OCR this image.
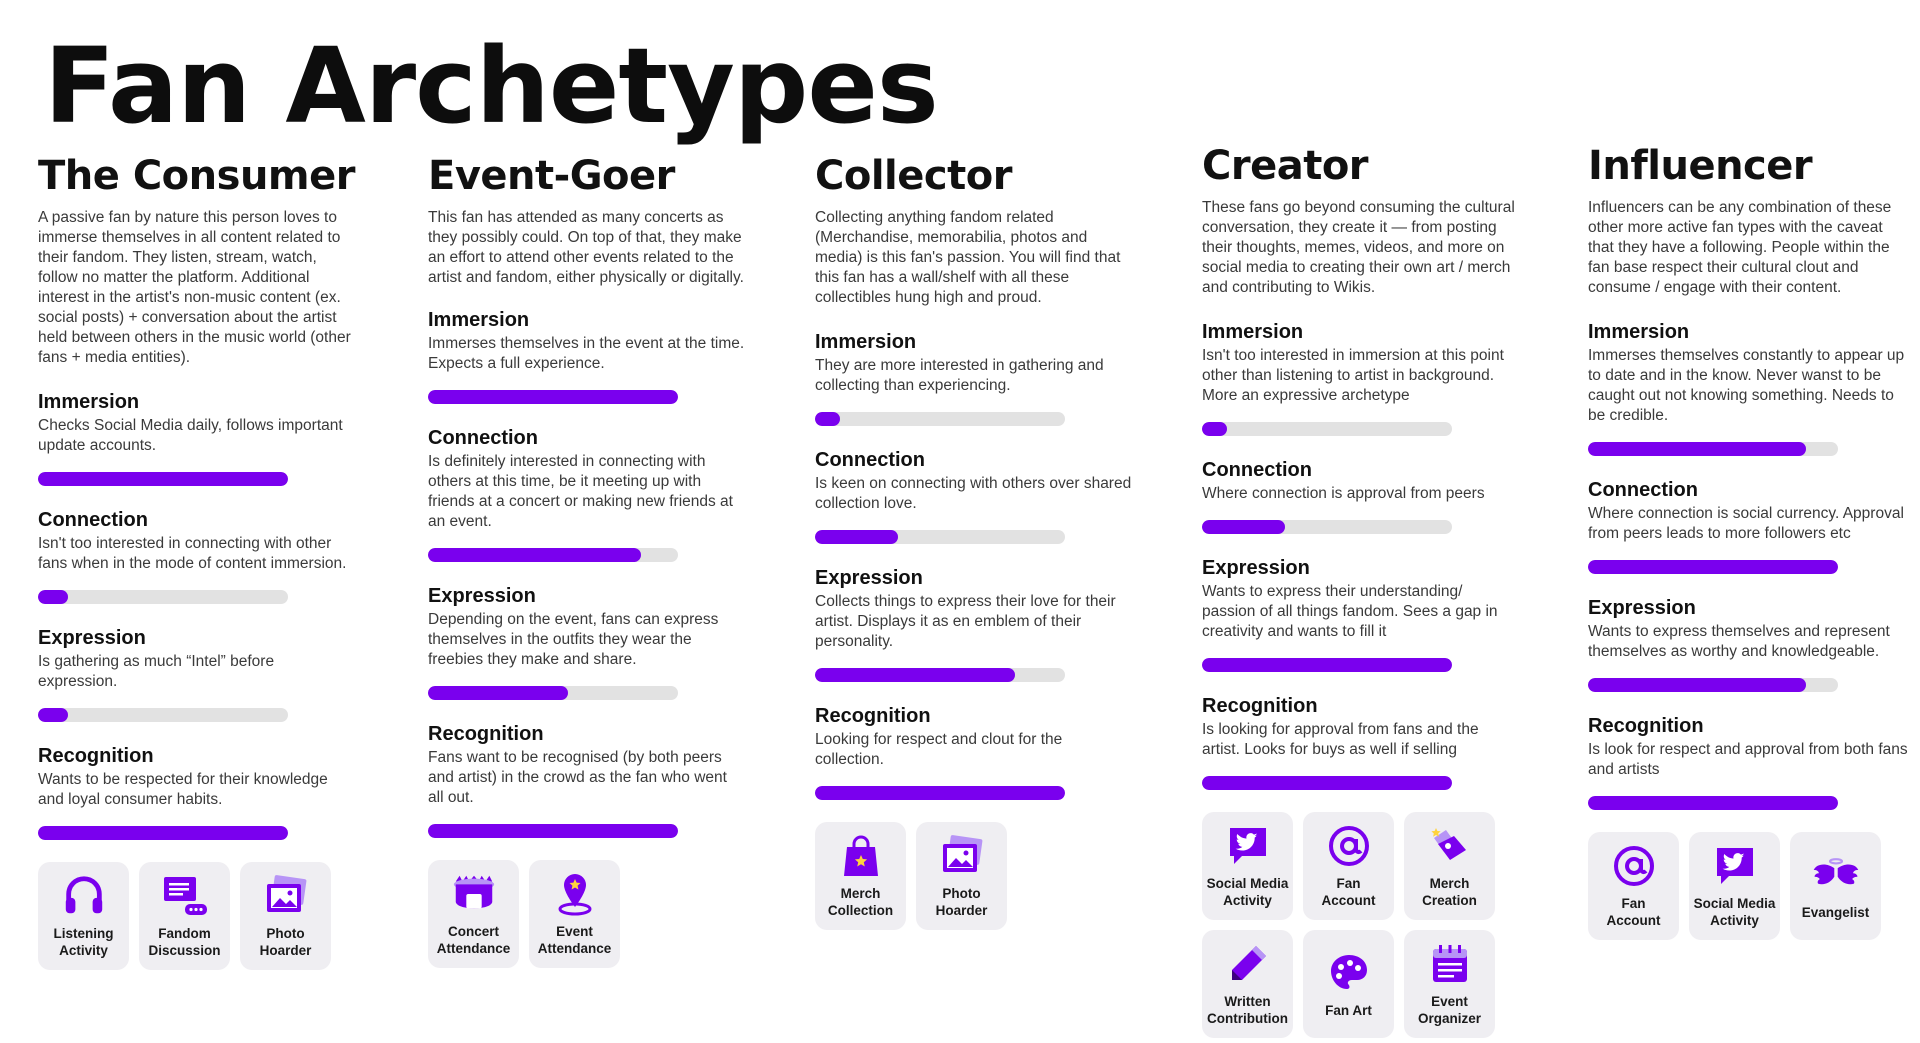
Fan Archetypes
The Consumer
A passive fan by nature this person loves to immerse themselves in all content related to their fandom. They listen, stream, watch, follow no matter the platform. Additional interest in the artist's non-music content (ex. social posts) + conversation about the artist held between others in the music world (other fans + media entities).
Immersion

Checks Social Media daily, follows important update accounts.

Connection

Isn't too interested in connecting with other fans when in the mode of content immersion.

Expression

Is gathering as much “Intel” before expression.

Recognition

Wants to be respected for their knowledge and loyal consumer habits.

Listening
Activity
Fandom
Discussion
Photo
Hoarder
Event-Goer
This fan has attended as many concerts as they possibly could. On top of that, they make an effort to attend other events related to the artist and fandom, either physically or digitally.
Immersion

Immerses themselves in the event at the time. Expects a full experience.

Connection

Is definitely interested in connecting with others at this time, be it meeting up with friends at a concert or making new friends at an event.

Expression

Depending on the event, fans can express themselves in the outfits they wear the freebies they make and share.

Recognition

Fans want to be recognised (by both peers and artist) in the crowd as the fan who went all out.

Concert
Attendance
Event
Attendance
Collector
Collecting anything fandom related (Merchandise, memorabilia, photos and media) is this fan's passion. You will find that this fan has a wall/shelf with all these collectibles hung high and proud.
Immersion

They are more interested in gathering and collecting than experiencing.

Connection

Is keen on connecting with others over shared collection love.

Expression

Collects things to express their love for their artist. Displays it as en emblem of their personality.

Recognition

Looking for respect and clout for the collection.

Merch
Collection
Photo
Hoarder
Creator
These fans go beyond consuming the cultural conversation, they create it — from posting their thoughts, memes, videos, and more on social media to creating their own art / merch and contributing to Wikis.
Immersion

Isn't too interested in immersion at this point other than listening to artist in background. More an expressive archetype

Connection

Where connection is approval from peers

Expression

Wants to express their understanding/ passion of all things fandom. Sees a gap in creativity and wants to fill it

Recognition

Is looking for approval from fans and the artist. Looks for buys as well if selling

Social Media
Activity
Fan
Account
Merch
Creation
Written
Contribution
Fan Art
Event
Organizer
Influencer
Influencers can be any combination of these other more active fan types with the caveat that they have a following. People within the fan base respect their cultural clout and consume / engage with their content.
Immersion

Immerses themselves constantly to appear up to date and in the know. Never wanst to be caught out not knowing something. Needs to be credible.

Connection

Where connection is social currency. Approval from peers leads to more followers etc

Expression

Wants to express themselves and represent themselves as worthy and knowledgeable.

Recognition

Is look for respect and approval from both fans and artists

Fan
Account
Social Media
Activity
Evangelist
